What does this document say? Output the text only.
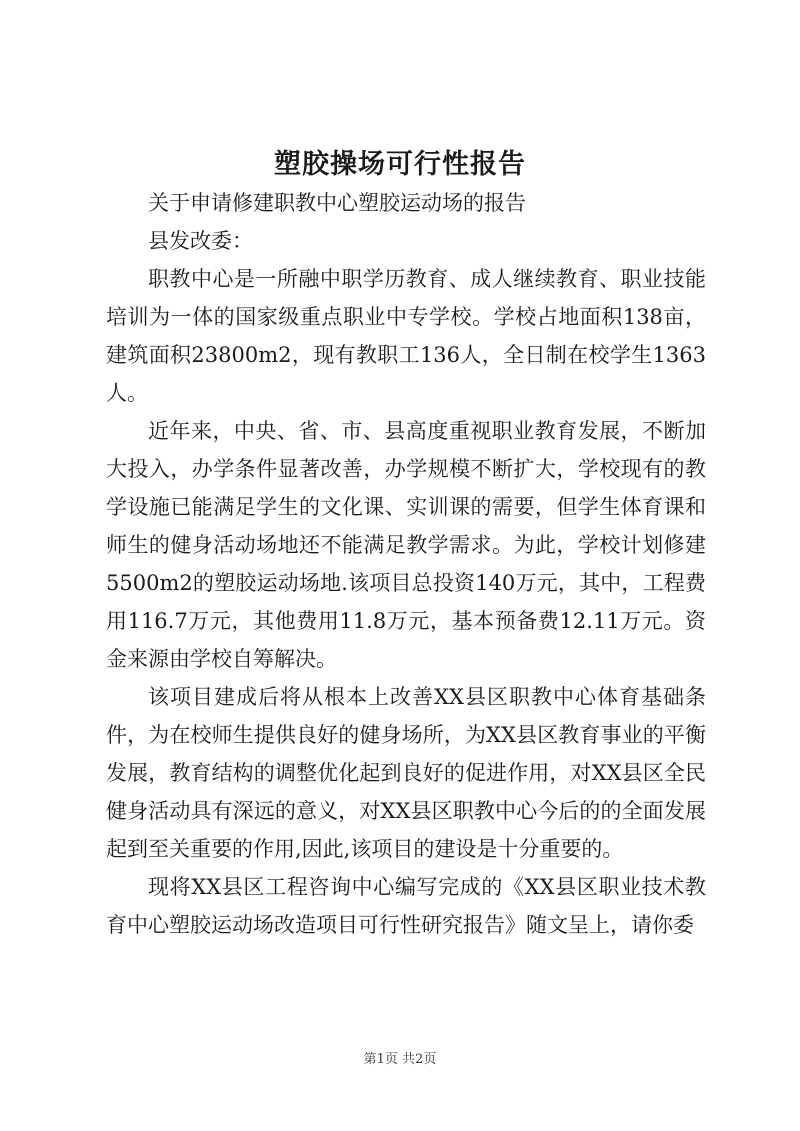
塑胶操场可行性报告

关于申请修建职教中心塑胶运动场的报告

县发改委：

职教中心是一所融中职学历教育、成人继续教育、职业技能培训为一体的国家级重点职业中专学校。学校占地面积138亩，建筑面积23800m2，现有教职工136人，全日制在校学生1363人。

近年来，中央、省、市、县高度重视职业教育发展，不断加大投入，办学条件显著改善，办学规模不断扩大，学校现有的教学设施已能满足学生的文化课、实训课的需要，但学生体育课和师生的健身活动场地还不能满足教学需求。为此，学校计划修建5500m2的塑胶运动场地.该项目总投资140万元，其中，工程费用116.7万元，其他费用11.8万元，基本预备费12.11万元。资金来源由学校自筹解决。

该项目建成后将从根本上改善XX县区职教中心体育基础条件，为在校师生提供良好的健身场所，为XX县区教育事业的平衡发展，教育结构的调整优化起到良好的促进作用，对XX县区全民健身活动具有深远的意义，对XX县区职教中心今后的的全面发展起到至关重要的作用,因此,该项目的建设是十分重要的。

现将XX县区工程咨询中心编写完成的《XX县区职业技术教育中心塑胶运动场改造项目可行性研究报告》随文呈上，请你委

第1页 共2页
